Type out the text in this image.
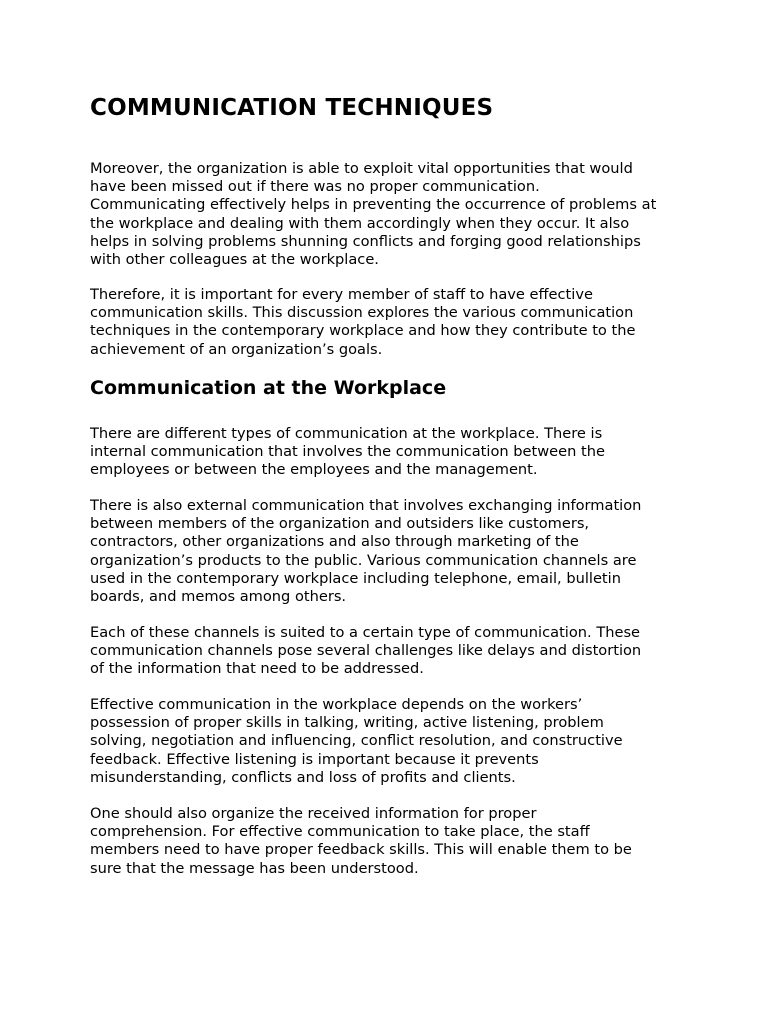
COMMUNICATION TECHNIQUES

Moreover, the organization is able to exploit vital opportunities that would
have been missed out if there was no proper communication.
Communicating effectively helps in preventing the occurrence of problems at
the workplace and dealing with them accordingly when they occur. It also
helps in solving problems shunning conflicts and forging good relationships
with other colleagues at the workplace.

Therefore, it is important for every member of staff to have effective
communication skills. This discussion explores the various communication
techniques in the contemporary workplace and how they contribute to the
achievement of an organization’s goals.

Communication at the Workplace

There are different types of communication at the workplace. There is
internal communication that involves the communication between the
employees or between the employees and the management.

There is also external communication that involves exchanging information
between members of the organization and outsiders like customers,
contractors, other organizations and also through marketing of the
organization’s products to the public. Various communication channels are
used in the contemporary workplace including telephone, email, bulletin
boards, and memos among others.

Each of these channels is suited to a certain type of communication. These
communication channels pose several challenges like delays and distortion
of the information that need to be addressed.

Effective communication in the workplace depends on the workers’
possession of proper skills in talking, writing, active listening, problem
solving, negotiation and influencing, conflict resolution, and constructive
feedback. Effective listening is important because it prevents
misunderstanding, conflicts and loss of profits and clients.

One should also organize the received information for proper
comprehension. For effective communication to take place, the staff
members need to have proper feedback skills. This will enable them to be
sure that the message has been understood.
